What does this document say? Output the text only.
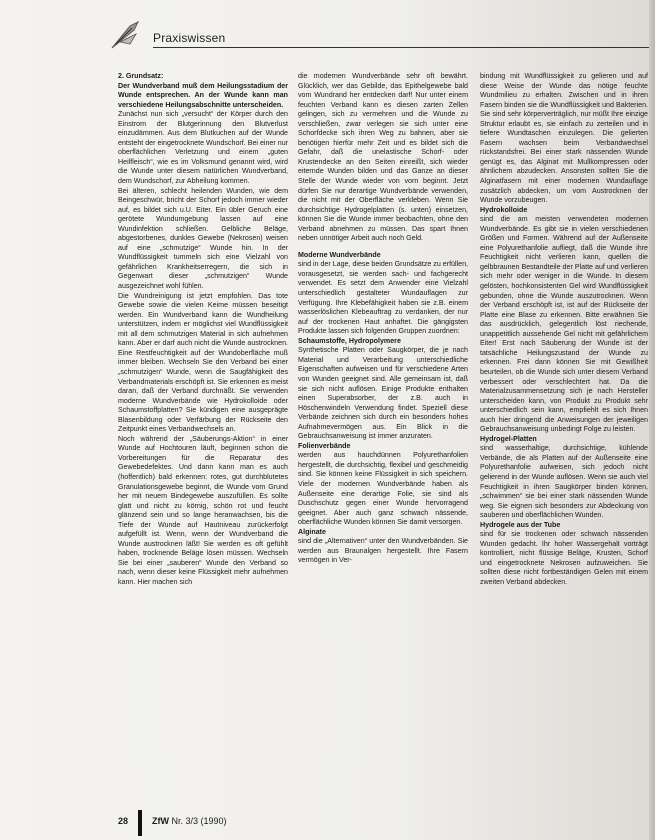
Praxiswissen

2. Grundsatz:

Der Wundverband muß dem Heilungsstadium der Wunde entsprechen. An der Wunde kann man verschiedene Heilungsabschnitte unterscheiden.

Zunächst nun sich „versucht“ der Körper durch den Einstrom der Blutgerinnung den Blutverlust einzudämmen. Aus dem Blutkuchen auf der Wunde entsteht der eingetrocknete Wundschorf. Bei einer nur oberflächlichen Verletzung und einem „guten Heilfleisch“, wie es im Volksmund genannt wird, wird die Wunde unter diesem natürlichen Wundverband, dem Wundschorf, zur Abheilung kommen.

Bei älteren, schlecht heilenden Wunden, wie dem Beingeschwür, bricht der Schorf jedoch immer wieder auf, es bildet sich u.U. Eiter. Ein übler Geruch eine gerötete Wundumgebung lassen auf eine Wundinfektion schließen. Gelbliche Beläge, abgestorbenes, dunkles Gewebe (Nekrosen) weisen auf eine „schmutzige“ Wunde hin. In der Wundflüssigkeit tummeln sich eine Vielzahl von gefährlichen Krankheitserregern, die sich in Gegenwart dieser „schmutzigen“ Wunde ausgezeichnet wohl fühlen.

Die Wundreinigung ist jetzt empfohlen. Das tote Gewebe sowie die vielen Keime müssen beseitigt werden. Ein Wundverband kann die Wundheilung unterstützen, indem er möglichst viel Wundflüssigkeit mit all dem schmutzigen Material in sich aufnehmen kann. Aber er darf auch nicht die Wunde austrocknen. Eine Restfeuchtigkeit auf der Wundoberfläche muß immer bleiben. Wechseln Sie den Verband bei einer „schmutzigen“ Wunde, wenn die Saugfähigkeit des Verbandmaterials erschöpft ist. Sie erkennen es meist daran, daß der Verband durchnäßt. Sie verwenden moderne Wundverbände wie Hydrokolloide oder Schaumstoffplatten? Sie kündigen eine ausgeprägte Blasenbildung oder Verfärbung der Rückseite den Zeitpunkt eines Verbandwechsels an.

Noch während der „Säuberungs-Aktion“ in einer Wunde auf Hochtouren läuft, beginnen schon die Vorbereitungen für die Reparatur des Gewebedefektes. Und dann kann man es auch (hoffentlich) bald erkennen: rotes, gut durchblutetes Granulationsgewebe beginnt, die Wunde vom Grund her mit neuem Bindegewebe auszufüllen. Es sollte glatt und nicht zu körnig, schön rot und feucht glänzend sein und so lange heranwachsen, bis die Tiefe der Wunde auf Hautniveau zurückerfolgt aufgefüllt ist. Wenn, wenn der Wundverband die Wunde austrocknen läßt! Sie werden es oft gefühlt haben, trocknende Beläge lösen müssen. Wechseln Sie bei einer „sauberen“ Wunde den Verband so nach, wenn dieser keine Flüssigkeit mehr aufnehmen kann. Hier machen sich

die modernen Wundverbände sehr oft bewährt. Glücklich, wer das Gebilde, das Epithelgewebe bald vom Wundrand her entdecken darf! Nur unter einem feuchten Verband kann es diesen zarten Zellen gelingen, sich zu vermehren und die Wunde zu verschließen, zwar verlegen sie sich unter eine Schorfdecke sich ihren Weg zu bahnen, aber sie benötigen hierfür mehr Zeit und es bildet sich die Gefahr, daß die unelastische Schorf- oder Krustendecke an den Seiten einreißt, sich wieder eiternde Wunden bilden und das Ganze an dieser Stelle der Wunde wieder von vorn beginnt. Jetzt dürfen Sie nur derartige Wundverbände verwenden, die nicht mit der Oberfläche verkleben. Wenn Sie durchsichtige Hydrogelplatten (s. unten) einsetzen, können Sie die Wunde immer beobachten, ohne den Verband abnehmen zu müssen. Das spart Ihnen neben unnötiger Arbeit auch noch Geld.

Moderne Wundverbände

sind in der Lage, diese beiden Grundsätze zu erfüllen, vorausgesetzt, sie werden sach- und fachgerecht verwendet. Es setzt dem Anwender eine Vielzahl unterschiedlich gestalteter Wundauflagen zur Verfügung. Ihre Klebefähigkeit haben sie z.B. einem wasserlöslichen Klebeauftrag zu verdanken, der nur auf der trockenen Haut anhaftet. Die gängigsten Produkte lassen sich folgenden Gruppen zuordnen:

Schaumstoffe, Hydropolymere

Synthetische Platten oder Saugkörper, die je nach Material und Verarbeitung unterschiedliche Eigenschaften aufweisen und für verschiedene Arten von Wunden geeignet sind. Alle gemeinsam ist, daß sie sich nicht auflösen. Einige Produkte enthalten einen Superabsorber, der z.B. auch in Höschenwindeln Verwendung findet. Speziell diese Verbände zeichnen sich durch ein besonders hohes Aufnahmevermögen aus. Ein Blick in die Gebrauchsanweisung ist immer anzuraten.

Folienverbände

werden aus hauchdünnen Polyurethanfolien hergestellt, die durchsichtig, flexibel und geschmeidig sind. Sie können keine Flüssigkeit in sich speichern. Viele der modernen Wundverbände haben als Außenseite eine derartige Folie, sie sind als Duschschutz gegen einer Wunde hervorragend geeignet. Aber auch ganz schwach nässende, oberflächliche Wunden können Sie damit versorgen.

Alginate

sind die „Alternativen“ unter den Wundverbänden. Sie werden aus Braunalgen hergestellt. Ihre Fasern vermögen in Ver-

bindung mit Wundflüssigkeit zu gelieren und auf diese Weise der Wunde das nötige feuchte Wundmilieu zu erhalten. Zwischen und in ihren Fasern binden sie die Wundflüssigkeit und Bakterien. Sie sind sehr körperverträglich, nur müßt Ihre einzige Struktur erlaubt es, sie einfach zu zerteilen und in tiefere Wundtaschen einzulegen. Die gelierten Fasern wachsen beim Verbandwechsel rückstandsfrei. Bei einer stark nässenden Wunde genügt es, das Alginat mit Mullkompressen oder ähnlichem abzudecken. Ansonsten sollten Sie die Alginatfasern mit einer modernen Wundauflage zusätzlich abdecken, um vom Austrocknen der Wunde vorzubeugen.

Hydrokolloide

sind die am meisten verwendeten modernen Wundverbände. Es gibt sie in vielen verschiedenen Größen und Formen. Während auf der Außenseite eine Polyurethanfolie aufliegt, daß die Wunde ihre Feuchtigkeit nicht verlieren kann, quellen die gelbbraunen Bestandteile der Platte auf und verlieren sich mehr oder weniger in die Wunde. In diesem gelösten, hochkonsistenten Gel wird Wundflüssigkeit gebunden, ohne die Wunde auszutrocknen. Wenn der Verband erschöpft ist, ist auf der Rückseite der Platte eine Blase zu erkennen. Bitte erwähnen Sie das ausdrücklich, gelegentlich löst riechende, unappetitlich aussehende Gel nicht mit gefährlichem Eiter! Erst nach Säuberung der Wunde ist der tatsächliche Heilungszustand der Wunde zu erkennen. Frei dann können Sie mit Gewißheit beurteilen, ob die Wunde sich unter diesem Verband verbessert oder verschlechtert hat. Da die Materialzusammensetzung sich je nach Hersteller unterscheiden kann, von Produkt zu Produkt sehr unterschiedlich sein kann, empfiehlt es sich Ihnen auch hier dringend die Anweisungen der jeweiligen Gebrauchsanweisung unbedingt Folge zu leisten.

Hydrogel-Platten

sind wasserhaltige, durchsichtige, kühlende Verbände, die als Platten auf der Außenseite eine Polyurethanfolie aufweisen, sich jedoch nicht gelierend in der Wunde auflösen. Wenn sie auch viel Feuchtigkeit in ihren Saugkörper binden können, „schwimmen“ sie bei einer stark nässenden Wunde weg. Sie eignen sich besonders zur Abdeckung von sauberen und oberflächlichen Wunden.

Hydrogele aus der Tube

sind für sie trockenen oder schwach nässenden Wunden gedacht. Ihr hoher Wassergehalt vorträgt kontrolliert, nicht flüssige Beläge, Krusten, Schorf und eingetrocknete Nekrosen aufzuweichen. Sie sollten diese nicht fortbeständigen Gelen mit einem zweiten Verband abdecken.

28	ZfW Nr. 3/3 (1990)
